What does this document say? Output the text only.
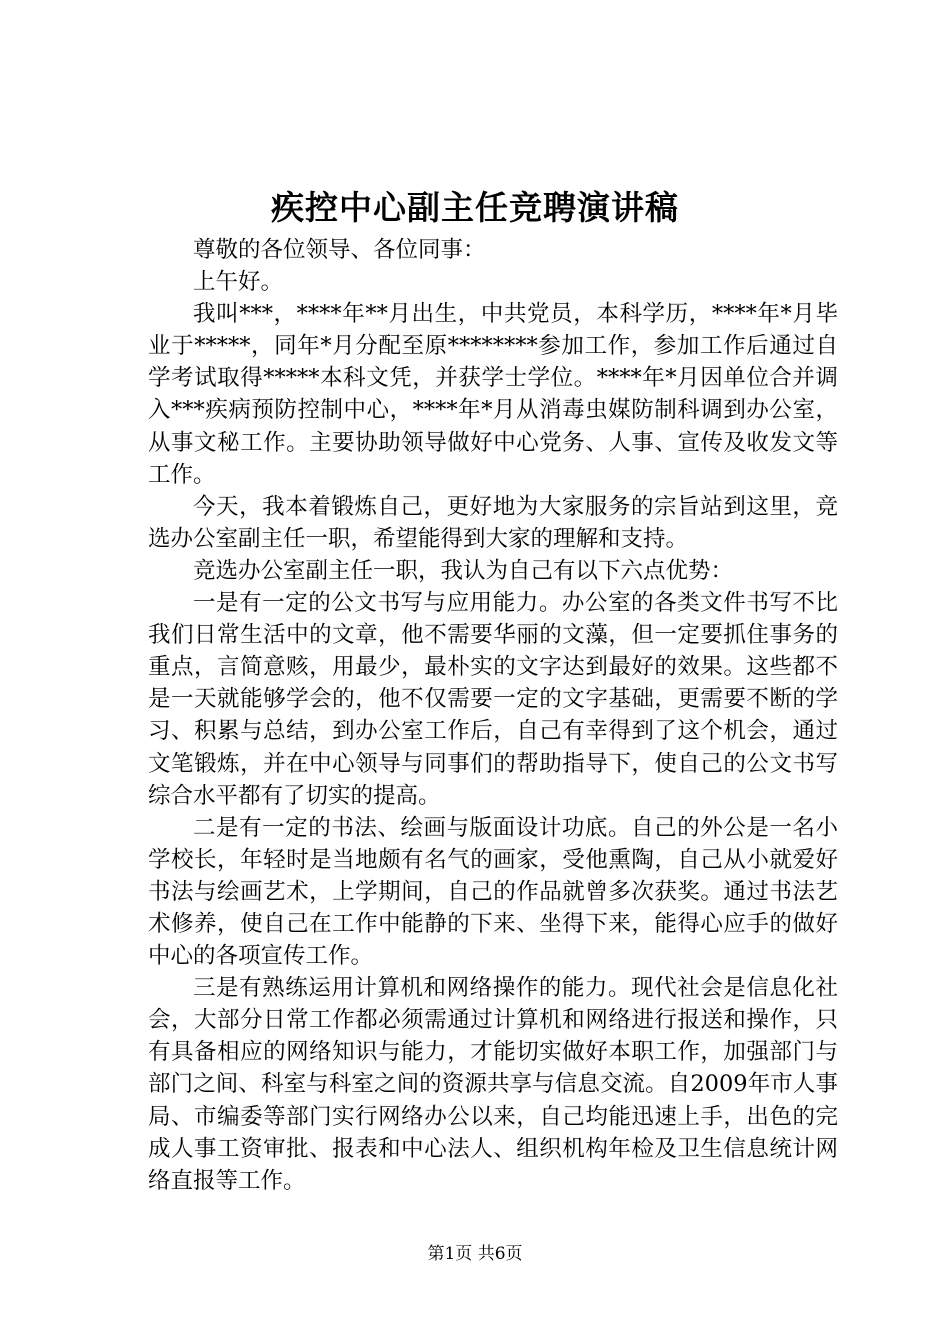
疾控中心副主任竞聘演讲稿

尊敬的各位领导、各位同事：

上午好。

我叫***，****年**月出生，中共党员，本科学历，****年*月毕业于*****，同年*月分配至原********参加工作，参加工作后通过自学考试取得*****本科文凭，并获学士学位。****年*月因单位合并调入***疾病预防控制中心，****年*月从消毒虫媒防制科调到办公室，从事文秘工作。主要协助领导做好中心党务、人事、宣传及收发文等工作。

今天，我本着锻炼自己，更好地为大家服务的宗旨站到这里，竞选办公室副主任一职，希望能得到大家的理解和支持。

竞选办公室副主任一职，我认为自己有以下六点优势：

一是有一定的公文书写与应用能力。办公室的各类文件书写不比我们日常生活中的文章，他不需要华丽的文藻，但一定要抓住事务的重点，言简意赅，用最少，最朴实的文字达到最好的效果。这些都不是一天就能够学会的，他不仅需要一定的文字基础，更需要不断的学习、积累与总结，到办公室工作后，自己有幸得到了这个机会，通过文笔锻炼，并在中心领导与同事们的帮助指导下，使自己的公文书写综合水平都有了切实的提高。

二是有一定的书法、绘画与版面设计功底。自己的外公是一名小学校长，年轻时是当地颇有名气的画家，受他熏陶，自己从小就爱好书法与绘画艺术，上学期间，自己的作品就曾多次获奖。通过书法艺术修养，使自己在工作中能静的下来、坐得下来，能得心应手的做好中心的各项宣传工作。

三是有熟练运用计算机和网络操作的能力。现代社会是信息化社会，大部分日常工作都必须需通过计算机和网络进行报送和操作，只有具备相应的网络知识与能力，才能切实做好本职工作，加强部门与部门之间、科室与科室之间的资源共享与信息交流。自2009年市人事局、市编委等部门实行网络办公以来，自己均能迅速上手，出色的完成人事工资审批、报表和中心法人、组织机构年检及卫生信息统计网络直报等工作。

第1页 共6页
